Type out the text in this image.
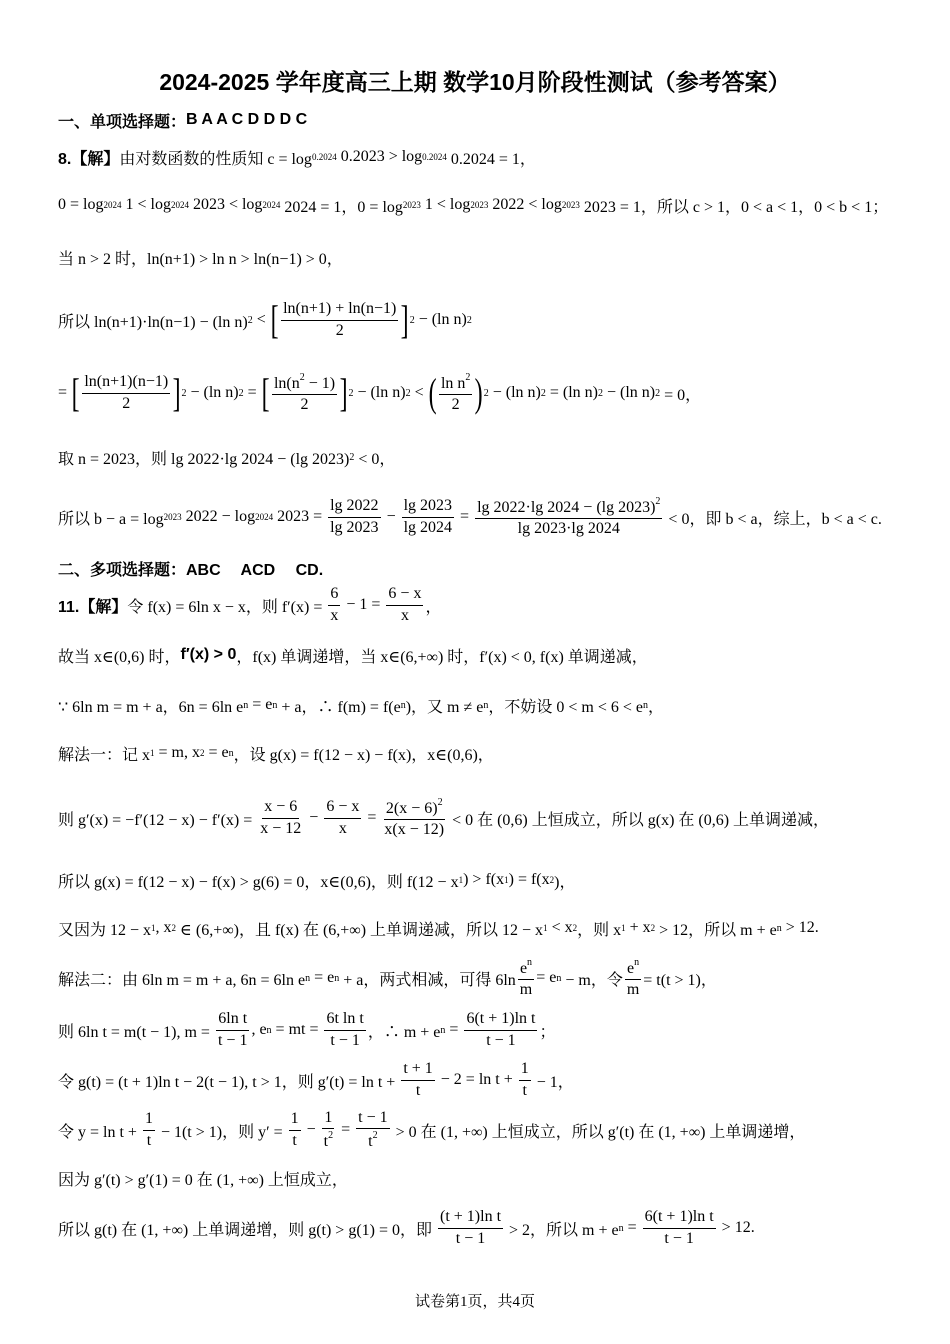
2024-2025 学年度高三上期 数学10月阶段性测试（参考答案）
一、单项选择题： B A A C D D D C
8.【解】 由对数函数的性质知 c = log 0.2024 0.2023 > log 0.2024 0.2024 = 1，
0 = log 2024 1 < log 2024 2023 < log 2024 2024 = 1，0 = log 2023 1 < log 2023 2022 < log 2023 2023 = 1，所以 c > 1，0 < a < 1，0 < b < 1；
当 n > 2 时，ln(n+1) > ln n > ln(n−1) > 0，
所以 ln(n+1)·ln(n−1) − (ln n) 2 < [ $\frac{\ln(n+1) + \ln(n-1)}{2}$ ] 2 − (ln n) 2
= [ $\frac{\ln(n+1)(n-1)}{2}$ ] 2 − (ln n) 2 = [ $\frac{\ln(n^2 - 1)}{2}$ ] 2 − (ln n) 2 < ( $\frac{\ln n^2}{2}$ ) 2 − (ln n) 2 = (ln n) 2 − (ln n) 2 = 0，
取 n = 2023，则 lg 2022·lg 2024 − (lg 2023) 2 < 0，
所以 b − a = log 2023 2022 − log 2024 $2023 = \frac{\lg 2022}{\lg 2023} - \frac{\lg 2023}{\lg 2024} = \frac{\lg 2022\cdot\lg 2024 - (\lg 2023)^2}{\lg 2023\cdot\lg 2024} < 0$，即 b < a，综上，b < a < c.
二、多项选择题：ABC　 ACD　 CD.
11.【解】 令 f(x) = 6ln x − x，则 $f'(x) = \frac{6}{x} - 1 = \frac{6 - x}{x}$ ，
故当 x∈(0,6) 时， f′(x) > 0 ，f(x) 单调递增，当 x∈(6,+∞) 时，f′(x) < 0, f(x) 单调递减，
∵ 6ln m = m + a，6n = 6ln e n = e n + a，∴ f(m) = f(e n )，又 m ≠ e n ，不妨设 0 < m < 6 < e n ，
解法一：记 x 1 = m, x 2 = e n ，设 g(x) = f(12 − x) − f(x)，x∈(0,6)，
则 $g'(x) = -f'(12 - x) - f'(x) = \frac{x - 6}{x - 12} - \frac{6 - x}{x} = \frac{2(x - 6)^2}{x(x - 12)} < 0$ 在 (0,6) 上恒成立，所以 g(x) 在 (0,6) 上单调递减，
所以 g(x) = f(12 − x) − f(x) > g(6) = 0，x∈(0,6)，则 f(12 − x 1 ) > f(x 1 ) = f(x 2 )，
又因为 12 − x 1 , x 2 ∈ (6,+∞)，且 f(x) 在 (6,+∞) 上单调递减，所以 12 − x 1 < x 2 ，则 x 1 + x 2 > 12，所以 m + e n > 12.
解法二：由 6ln m = m + a, 6n = 6ln e n = e n + a，两式相减，可得 $6\ln \frac{e^n}{m} = e$ n − m，令 $\frac{e^n}{m} = t(t > 1)$，
则 6ln t = m(t − 1), $m = \frac{\text{6ln t}}{t - 1}$ , e n = mt = $\frac{\text{6t ln t}}{t - 1}$ ，∴ m + e $n = \frac{\text{6(t + 1)ln t}}{t - 1}$ ；
令 g(t) = (t + 1)ln t − 2(t − 1), t > 1，则 $g'(t) = \ln t + \frac{t + 1}{t} - 2 = \ln t + \frac{1}{t} - 1$，
令 $y = \ln t + \frac{1}{t} - 1(t > 1)$，则 $y' = \frac{1}{t} - \frac{1}{t^2} = \frac{t - 1}{t^2} > 0$ 在 (1, +∞) 上恒成立，所以 g′(t) 在 (1, +∞) 上单调递增，
因为 g′(t) > g′(1) = 0 在 (1, +∞) 上恒成立，
所以 g(t) 在 (1, +∞) 上单调递增，则 g(t) > g(1) = 0，即 $\frac{\text{(t + 1)ln t}}{t - 1} > 2$，所以 m + e $n = \frac{\text{6(t + 1)ln t}}{t - 1} > 12$.
试卷第1页，共4页
